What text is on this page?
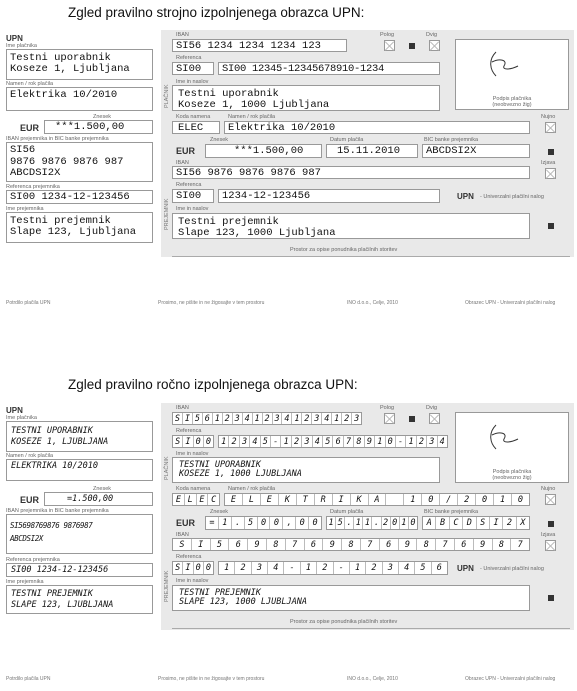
Zgled pravilno strojno izpolnjenega obrazca UPN:
UPN
Ime plačnika
Testni uporabnik
Koseze 1, Ljubljana
Namen / rok plačila
Elektrika 10/2010
Znesek
EUR ***1.500,00
IBAN prejemnika in BIC banke prejemnika
SI56
9876 9876 9876 987
ABCDSI2X
Referenca prejemnika
SI00 1234-12-123456
Ime prejemnika
Testni prejemnik
Slape 123, Ljubljana
PLAČNIK
PREJEMNIK
IBAN
SI56 1234 1234 1234 123
Polog	Dvig
Referenca
SI00 SI00 12345-12345678910-1234
Ime in naslov
Testni uporabnik
Koseze 1, 1000 Ljubljana	Podpis plačnika
(neobvezno žig)
Koda namena	Namen / rok plačila
ELEC Elektrika 10/2010
Nujno
Znesek	Datum plačila	BIC banke prejemnika
EUR	***1.500,00	15.11.2010 ABCDSI2X
IBAN	Izjava
SI56 9876 9876 9876 987
Referenca
SI00 1234-12-123456	UPN - Univerzalni plačilni nalog
Ime in naslov
Testni prejemnik
Slape 123, 1000 Ljubljana
Prostor za opise ponudnika plačilnih storitev
Potrdilo plačila UPN	Prosimo, ne pišite in ne žigosajte v tem prostoru	INO d.o.o., Celje, 2010	Obrazec UPN - Univerzalni plačilni nalog
Zgled pravilno ročno izpolnjenega obrazca UPN:
UPN
Ime plačnika
TESTNI UPORABNIK
KOSEZE 1, LJUBLJANA
Namen / rok plačila
ELEKTRIKA 10/2010
Znesek
EUR	=1.500,00
IBAN prejemnika in BIC banke prejemnika
SI5698769876 9876987
ABCDSI2X
Referenca prejemnika
SI00 1234-12-123456
Ime prejemnika
TESTNI PREJEMNIK
SLAPE 123, LJUBLJANA
PLAČNIK
PREJEMNIK
IBAN
S I 5 6 1 2 3 4 1 2 3 4 1 2 3 4 1 2 3
Polog	Dvig
Referenca
S I 0 0 1 2 3 4 5 - 1 2 3 4 5 6 7 8 9 1 0 - 1 2 3 4
Ime in naslov
TESTNI UPORABNIK
KOSEZE 1, 1000 LJUBLJANA	Podpis plačnika
(neobvezno žig)
Koda namena	Namen / rok plačila
E L E C	E	L	E	K	T	R	I	K	A	1	0	/	2	0	1	0
Nujno
Znesek	Datum plačila	BIC banke prejemnika
EUR	= 1 . 5 0 0 , 0 0	1 5 . 1 1 . 2 0 1 0	A B C D S I 2 X
IBAN	Izjava
S	I	5	6	9	8	7	6	9	8	7	6	9	8	7	6	9	8	7
Referenca
S I 0 0	1	2	3	4	-	1	2	-	1	2	3	4	5	6	UPN - Univerzalni plačilni nalog
Ime in naslov
TESTNI PREJEMNIK
SLAPE 123, 1000 LJUBLJANA
Prostor za opise ponudnika plačilnih storitev
Potrdilo plačila UPN	Prosimo, ne pišite in ne žigosajte v tem prostoru	INO d.o.o., Celje, 2010	Obrazec UPN - Univerzalni plačilni nalog
